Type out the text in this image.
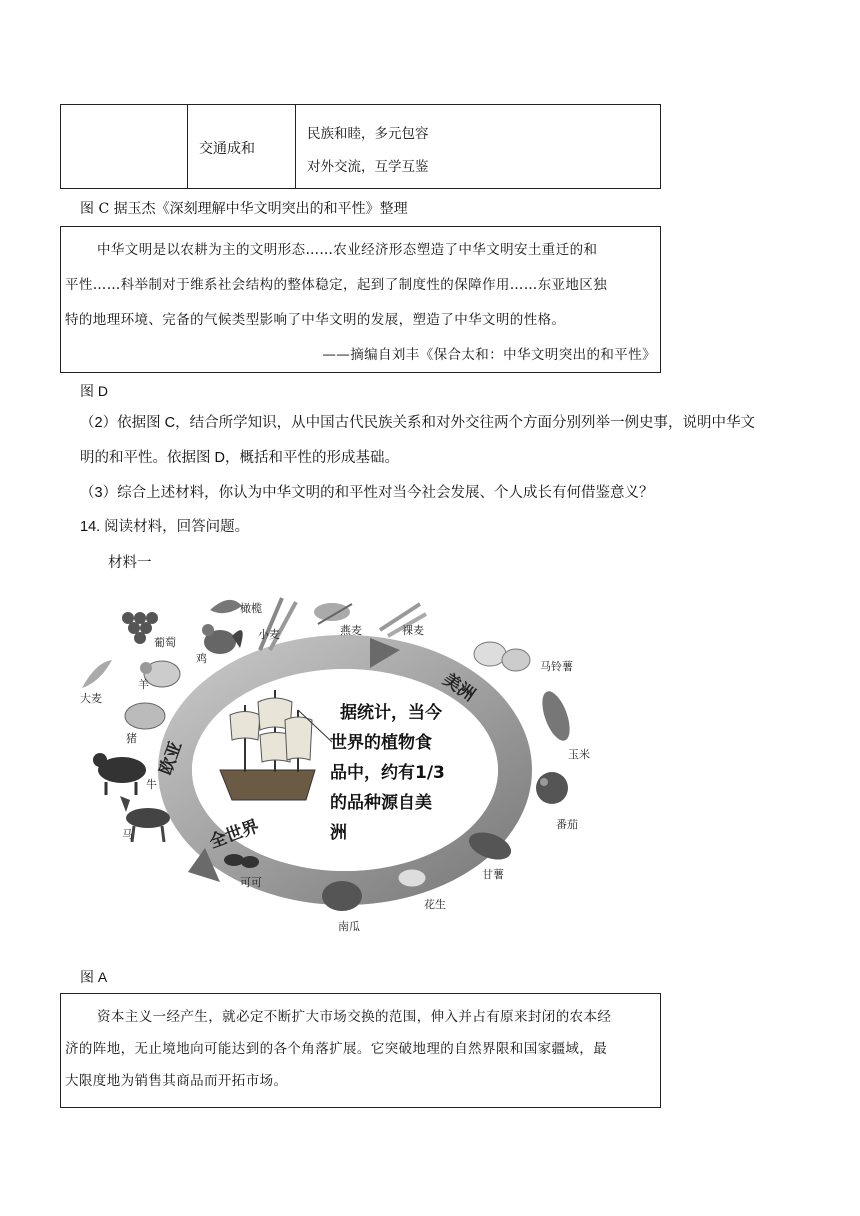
交通成和
民族和睦，多元包容
对外交流，互学互鉴
图 C 据玉杰《深刻理解中华文明突出的和平性》整理
中华文明是以农耕为主的文明形态……农业经济形态塑造了中华文明安土重迁的和
平性……科举制对于维系社会结构的整体稳定，起到了制度性的保障作用……东亚地区独
特的地理环境、完备的气候类型影响了中华文明的发展，塑造了中华文明的性格。
——摘编自刘丰《保合太和：中华文明突出的和平性》
图 D
（2）依据图 C，结合所学知识，从中国古代民族关系和对外交往两个方面分别列举一例史事，说明中华文
明的和平性。依据图 D，概括和平性的形成基础。
（3）综合上述材料，你认为中华文明的和平性对当今社会发展、个人成长有何借鉴意义？
14. 阅读材料，回答问题。
材料一
美洲
欧亚
全世界
据统计，当今
世界的植物食
品中，约有1/3
的品种源自美
洲
葡萄
鸡
橄榄
小麦	燕麦	裸麦
大麦
羊
猪
牛
马
马铃薯
玉米
番茄
甘薯
花生
南瓜
可可
图 A
资本主义一经产生，就必定不断扩大市场交换的范围，伸入并占有原来封闭的农本经
济的阵地，无止境地向可能达到的各个角落扩展。它突破地理的自然界限和国家疆域，最
大限度地为销售其商品而开拓市场。
